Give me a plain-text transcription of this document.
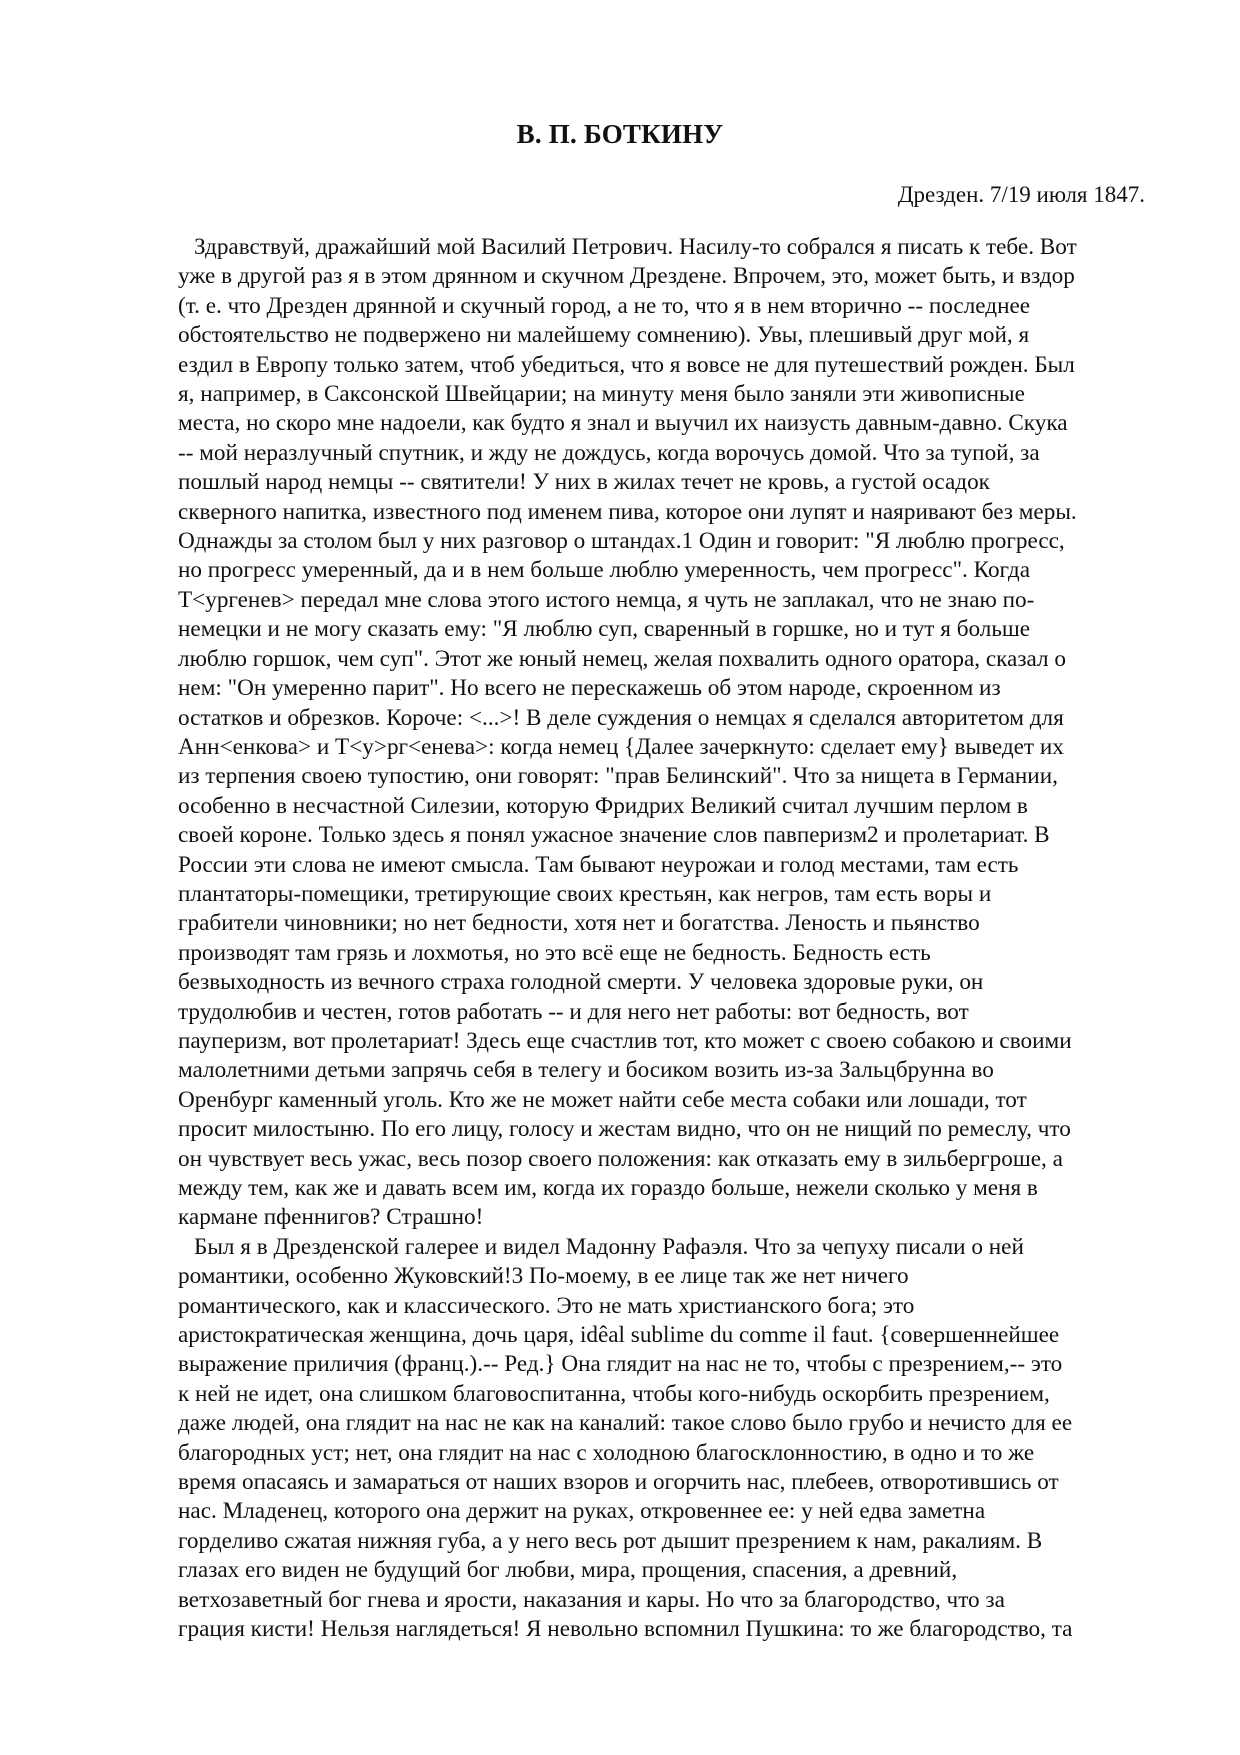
В. П. БОТКИНУ
Дрезден. 7/19 июля 1847.
Здравствуй, дражайший мой Василий Петрович. Насилу-то собрался я писать к тебе. Вот
уже в другой раз я в этом дрянном и скучном Дрездене. Впрочем, это, может быть, и вздор
(т. е. что Дрезден дрянной и скучный город, а не то, что я в нем вторично -- последнее
обстоятельство не подвержено ни малейшему сомнению). Увы, плешивый друг мой, я
ездил в Европу только затем, чтоб убедиться, что я вовсе не для путешествий рожден. Был
я, например, в Саксонской Швейцарии; на минуту меня было заняли эти живописные
места, но скоро мне надоели, как будто я знал и выучил их наизусть давным-давно. Скука
-- мой неразлучный спутник, и жду не дождусь, когда ворочусь домой. Что за тупой, за
пошлый народ немцы -- святители! У них в жилах течет не кровь, а густой осадок
скверного напитка, известного под именем пива, которое они лупят и наяривают без меры.
Однажды за столом был у них разговор о штандах.1 Один и говорит: "Я люблю прогресс,
но прогресс умеренный, да и в нем больше люблю умеренность, чем прогресс". Когда
Т<ургенев> передал мне слова этого истого немца, я чуть не заплакал, что не знаю по-
немецки и не могу сказать ему: "Я люблю суп, сваренный в горшке, но и тут я больше
люблю горшок, чем суп". Этот же юный немец, желая похвалить одного оратора, сказал о
нем: "Он умеренно парит". Но всего не перескажешь об этом народе, скроенном из
остатков и обрезков. Короче: <...>! В деле суждения о немцах я сделался авторитетом для
Анн<енкова> и Т<у>рг<енева>: когда немец {Далее зачеркнуто: сделает ему} выведет их
из терпения своею тупостию, они говорят: "прав Белинский". Что за нищета в Германии,
особенно в несчастной Силезии, которую Фридрих Великий считал лучшим перлом в
своей короне. Только здесь я понял ужасное значение слов павперизм2 и пролетариат. В
России эти слова не имеют смысла. Там бывают неурожаи и голод местами, там есть
плантаторы-помещики, третирующие своих крестьян, как негров, там есть воры и
грабители чиновники; но нет бедности, хотя нет и богатства. Леность и пьянство
производят там грязь и лохмотья, но это всё еще не бедность. Бедность есть
безвыходность из вечного страха голодной смерти. У человека здоровые руки, он
трудолюбив и честен, готов работать -- и для него нет работы: вот бедность, вот
пауперизм, вот пролетариат! Здесь еще счастлив тот, кто может с своею собакою и своими
малолетними детьми запрячь себя в телегу и босиком возить из-за Зальцбрунна во
Оренбург каменный уголь. Кто же не может найти себе места собаки или лошади, тот
просит милостыню. По его лицу, голосу и жестам видно, что он не нищий по ремеслу, что
он чувствует весь ужас, весь позор своего положения: как отказать ему в зильбергроше, а
между тем, как же и давать всем им, когда их гораздо больше, нежели сколько у меня в
кармане пфеннигов? Страшно!
Был я в Дрезденской галерее и видел Мадонну Рафаэля. Что за чепуху писали о ней
романтики, особенно Жуковский!3 По-моему, в ее лице так же нет ничего
романтического, как и классического. Это не мать христианского бога; это
аристократическая женщина, дочь царя, idêal sublime du comme il faut. {совершеннейшее
выражение приличия (франц.).-- Ред.} Она глядит на нас не то, чтобы с презрением,-- это
к ней не идет, она слишком благовоспитанна, чтобы кого-нибудь оскорбить презрением,
даже людей, она глядит на нас не как на каналий: такое слово было грубо и нечисто для ее
благородных уст; нет, она глядит на нас с холодною благосклонностию, в одно и то же
время опасаясь и замараться от наших взоров и огорчить нас, плебеев, отворотившись от
нас. Младенец, которого она держит на руках, откровеннее ее: у ней едва заметна
горделиво сжатая нижняя губа, а у него весь рот дышит презрением к нам, ракалиям. В
глазах его виден не будущий бог любви, мира, прощения, спасения, а древний,
ветхозаветный бог гнева и ярости, наказания и кары. Но что за благородство, что за
грация кисти! Нельзя наглядеться! Я невольно вспомнил Пушкина: то же благородство, та
